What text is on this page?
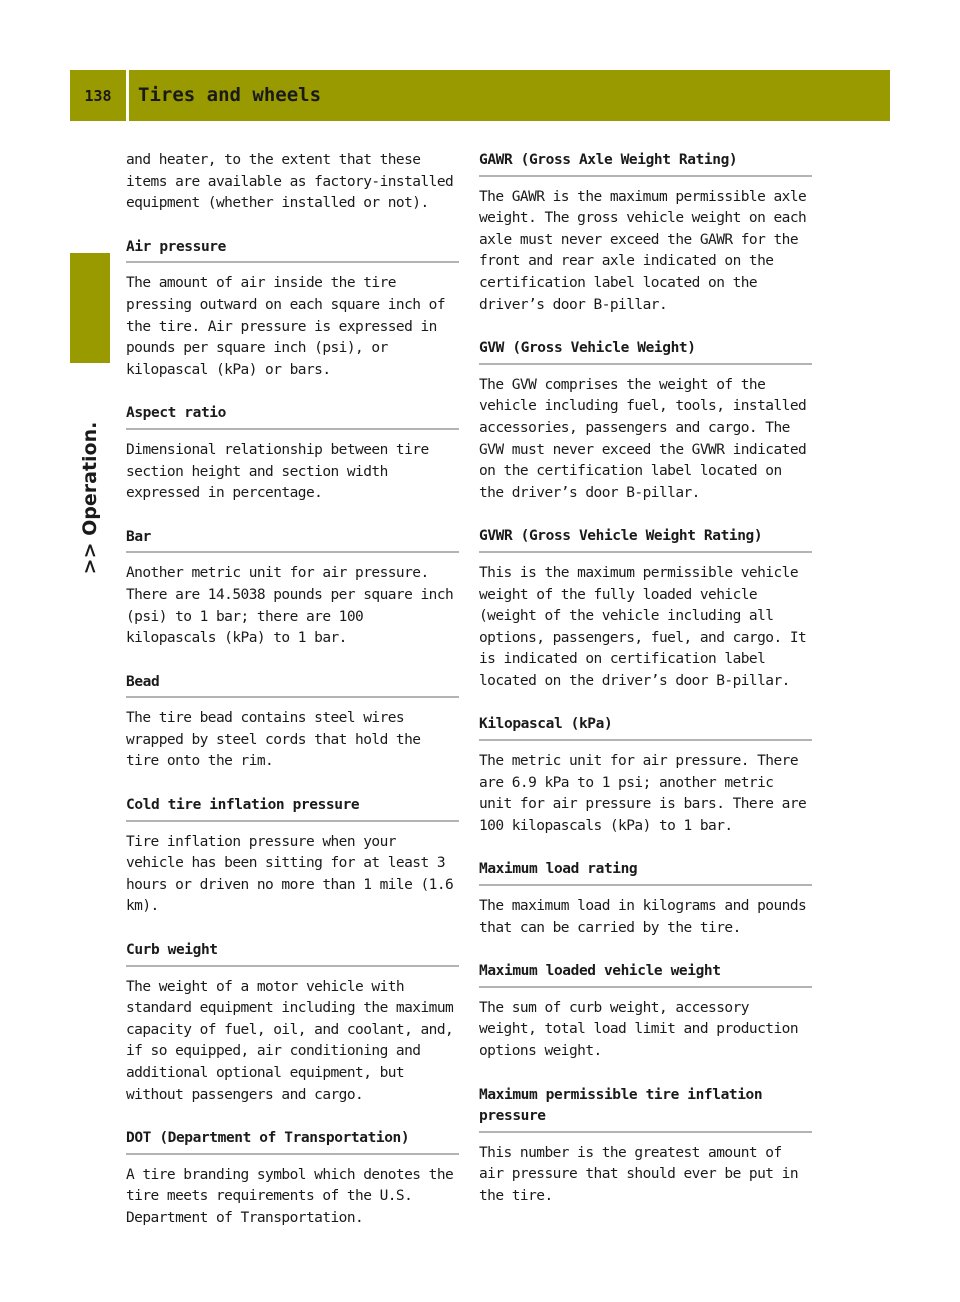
138	Tires and wheels
>> Operation.

and heater, to the extent that these items are available as factory-installed equipment (whether installed or not).

Air pressure

The amount of air inside the tire pressing outward on each square inch of the tire. Air pressure is expressed in pounds per square inch (psi), or kilopascal (kPa) or bars.

Aspect ratio

Dimensional relationship between tire section height and section width expressed in percentage.

Bar

Another metric unit for air pressure. There are 14.5038 pounds per square inch (psi) to 1 bar; there are 100 kilopascals (kPa) to 1 bar.

Bead

The tire bead contains steel wires wrapped by steel cords that hold the tire onto the rim.

Cold tire inflation pressure

Tire inflation pressure when your vehicle has been sitting for at least 3 hours or driven no more than 1 mile (1.6 km).

Curb weight

The weight of a motor vehicle with standard equipment including the maximum capacity of fuel, oil, and coolant, and, if so equipped, air conditioning and additional optional equipment, but without passengers and cargo.

DOT (Department of Transportation)

A tire branding symbol which denotes the tire meets requirements of the U.S. Department of Transportation.

GAWR (Gross Axle Weight Rating)

The GAWR is the maximum permissible axle weight. The gross vehicle weight on each axle must never exceed the GAWR for the front and rear axle indicated on the certification label located on the driver’s door B-pillar.

GVW (Gross Vehicle Weight)

The GVW comprises the weight of the vehicle including fuel, tools, installed accessories, passengers and cargo. The GVW must never exceed the GVWR indicated on the certification label located on the driver’s door B-pillar.

GVWR (Gross Vehicle Weight Rating)

This is the maximum permissible vehicle weight of the fully loaded vehicle (weight of the vehicle including all options, passengers, fuel, and cargo. It is indicated on certification label located on the driver’s door B-pillar.

Kilopascal (kPa)

The metric unit for air pressure. There are 6.9 kPa to 1 psi; another metric unit for air pressure is bars. There are 100 kilopascals (kPa) to 1 bar.

Maximum load rating

The maximum load in kilograms and pounds that can be carried by the tire.

Maximum loaded vehicle weight

The sum of curb weight, accessory weight, total load limit and production options weight.

Maximum permissible tire inflation pressure

This number is the greatest amount of air pressure that should ever be put in the tire.
